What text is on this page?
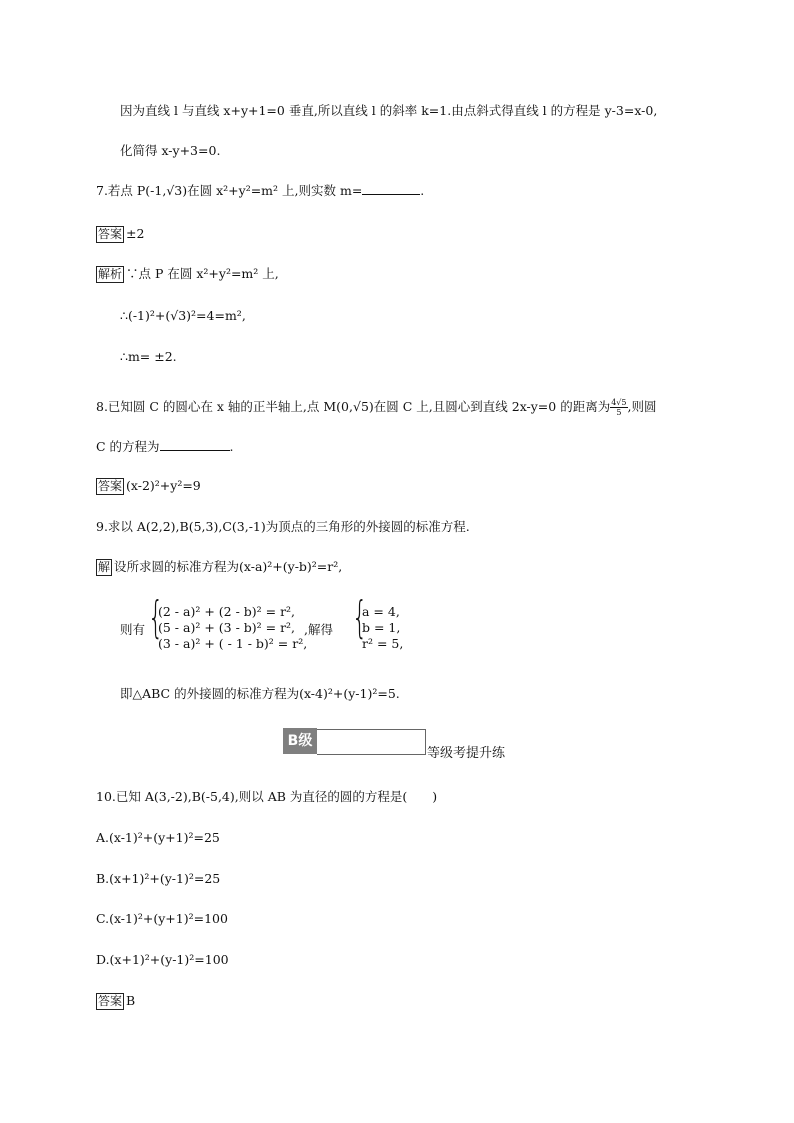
因为直线 l 与直线 x+y+1=0 垂直,所以直线 l 的斜率 k=1.由点斜式得直线 l 的方程是 y-3=x-0,
化简得 x-y+3=0.
7.若点 P(-1,√3)在圆 x²+y²=m² 上,则实数 m=	.
答案 ±2
解析 ∵点 P 在圆 x²+y²=m² 上,
∴(-1)²+(√3)²=4=m²,
∴m= ±2.
8.已知圆 C 的圆心在 x 轴的正半轴上,点 M(0,√5)在圆 C 上,且圆心到直线 2x-y=0 的距离为 $\frac{4√5}{5}$ ,则圆
C 的方程为	.
答案 (x-2)²+y²=9
9.求以 A(2,2),B(5,3),C(3,-1)为顶点的三角形的外接圆的标准方程.
解 设所求圆的标准方程为(x-a)²+(y-b)²=r²,
则有 {
(2 - a)² + (2 - b)² = r²,
(5 - a)² + (3 - b)² = r²,
(3 - a)² + ( - 1 - b)² = r²,
,解得 {
a = 4,
b = 1,
r² = 5,
即△ABC 的外接圆的标准方程为(x-4)²+(y-1)²=5.
B级
等级考提升练
10.已知 A(3,-2),B(-5,4),则以 AB 为直径的圆的方程是(　　)
A.(x-1)²+(y+1)²=25
B.(x+1)²+(y-1)²=25
C.(x-1)²+(y+1)²=100
D.(x+1)²+(y-1)²=100
答案 B
